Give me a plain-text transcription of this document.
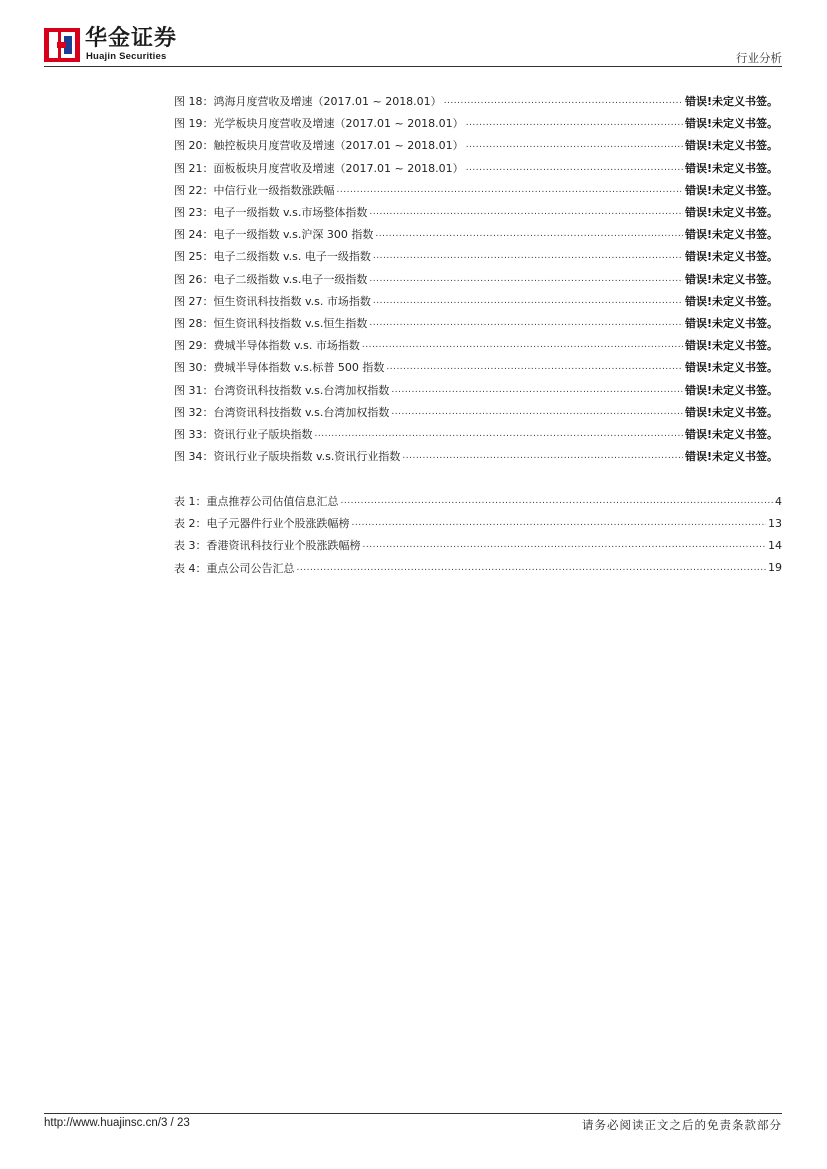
华金证券
Huajin Securities	行业分析
图 18：鸿海月度营收及增速（2017.01 ~ 2018.01） .....	错误!未定义书签。
图 19：光学板块月度营收及增速（2017.01 ~ 2018.01） .....	错误!未定义书签。
图 20：触控板块月度营收及增速（2017.01 ~ 2018.01） .....	错误!未定义书签。
图 21：面板板块月度营收及增速（2017.01 ~ 2018.01） .....	错误!未定义书签。
图 22：中信行业一级指数涨跌幅 .....	错误!未定义书签。
图 23：电子一级指数 v.s.市场整体指数 .....	错误!未定义书签。
图 24：电子一级指数 v.s.沪深 300 指数 .....	错误!未定义书签。
图 25：电子二级指数 v.s. 电子一级指数 .....	错误!未定义书签。
图 26：电子二级指数 v.s.电子一级指数 .....	错误!未定义书签。
图 27：恒生资讯科技指数 v.s. 市场指数 .....	错误!未定义书签。
图 28：恒生资讯科技指数 v.s.恒生指数 .....	错误!未定义书签。
图 29：费城半导体指数 v.s. 市场指数 .....	错误!未定义书签。
图 30：费城半导体指数 v.s.标普 500 指数 .....	错误!未定义书签。
图 31：台湾资讯科技指数 v.s.台湾加权指数 .....	错误!未定义书签。
图 32：台湾资讯科技指数 v.s.台湾加权指数 .....	错误!未定义书签。
图 33：资讯行业子版块指数 .....	错误!未定义书签。
图 34：资讯行业子版块指数 v.s.资讯行业指数 .....	错误!未定义书签。
表 1：重点推荐公司估值信息汇总 .....	4
表 2：电子元器件行业个股涨跌幅榜 .....	13
表 3：香港资讯科技行业个股涨跌幅榜 .....	14
表 4：重点公司公告汇总 .....	19
http://www.huajinsc.cn/3 / 23	请务必阅读正文之后的免责条款部分
